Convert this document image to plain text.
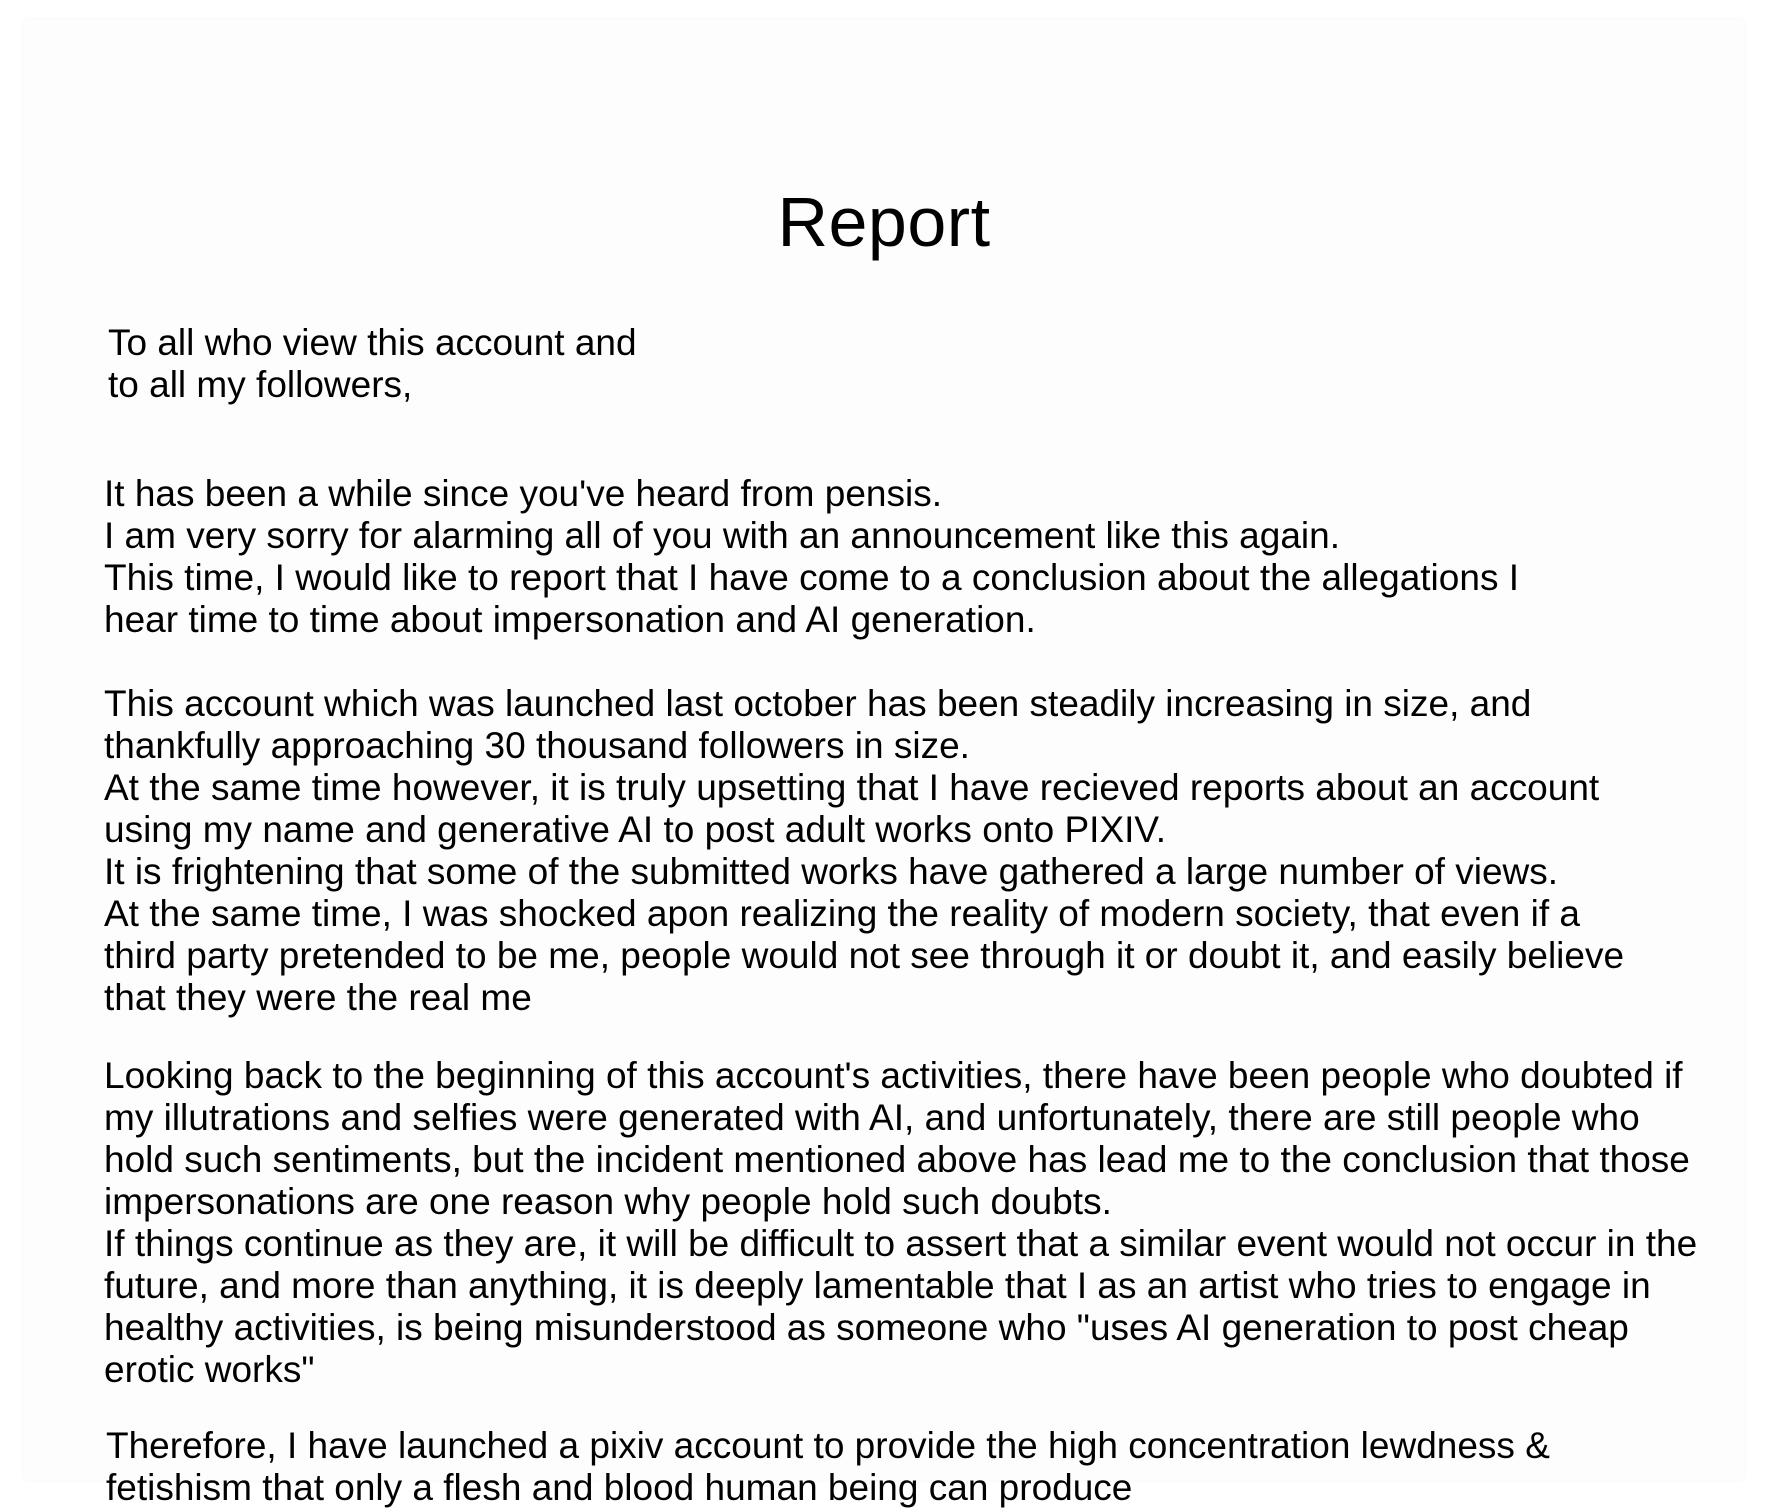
Report
To all who view this account and
to all my followers,
It has been a while since you've heard from pensis.
I am very sorry for alarming all of you with an announcement like this again.
This time, I would like to report that I have come to a conclusion about the allegations I
hear time to time about impersonation and AI generation.
This account which was launched last october has been steadily increasing in size, and
thankfully approaching 30 thousand followers in size.
At the same time however, it is truly upsetting that I have recieved reports about an account
using my name and generative AI to post adult works onto PIXIV.
It is frightening that some of the submitted works have gathered a large number of views.
At the same time, I was shocked apon realizing the reality of modern society, that even if a
third party pretended to be me, people would not see through it or doubt it, and easily believe
that they were the real me
Looking back to the beginning of this account's activities, there have been people who doubted if
my illutrations and selfies were generated with AI, and unfortunately, there are still people who
hold such sentiments, but the incident mentioned above has lead me to the conclusion that those
impersonations are one reason why people hold such doubts.
If things continue as they are, it will be difficult to assert that a similar event would not occur in the
future, and more than anything, it is deeply lamentable that I as an artist who tries to engage in
healthy activities, is being misunderstood as someone who "uses AI generation to post cheap
erotic works"
Therefore, I have launched a pixiv account to provide the high concentration lewdness &
fetishism that only a flesh and blood human being can produce
